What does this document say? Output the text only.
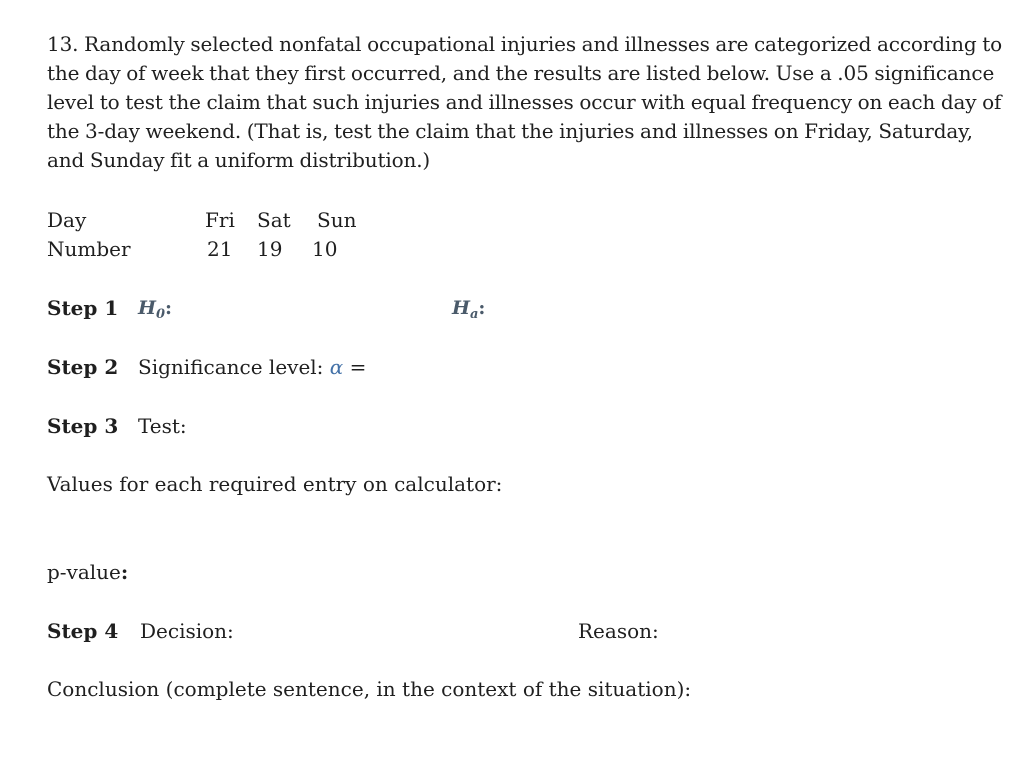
13. Randomly selected nonfatal occupational injuries and illnesses are categorized according to the day of week that they first occurred, and the results are listed below. Use a .05 significance level to test the claim that such injuries and illnesses occur with equal frequency on each day of the 3-day weekend. (That is, test the claim that the injuries and illnesses on Friday, Saturday, and Sunday fit a uniform distribution.)
Day	Fri Sat Sun
Number	21 19 10
Step 1 $H_0$:	$H_a$:
Step 2 Significance level: α =
Step 3 Test:
Values for each required entry on calculator:
p-value:
Step 4 Decision:	Reason:
Conclusion (complete sentence, in the context of the situation):
